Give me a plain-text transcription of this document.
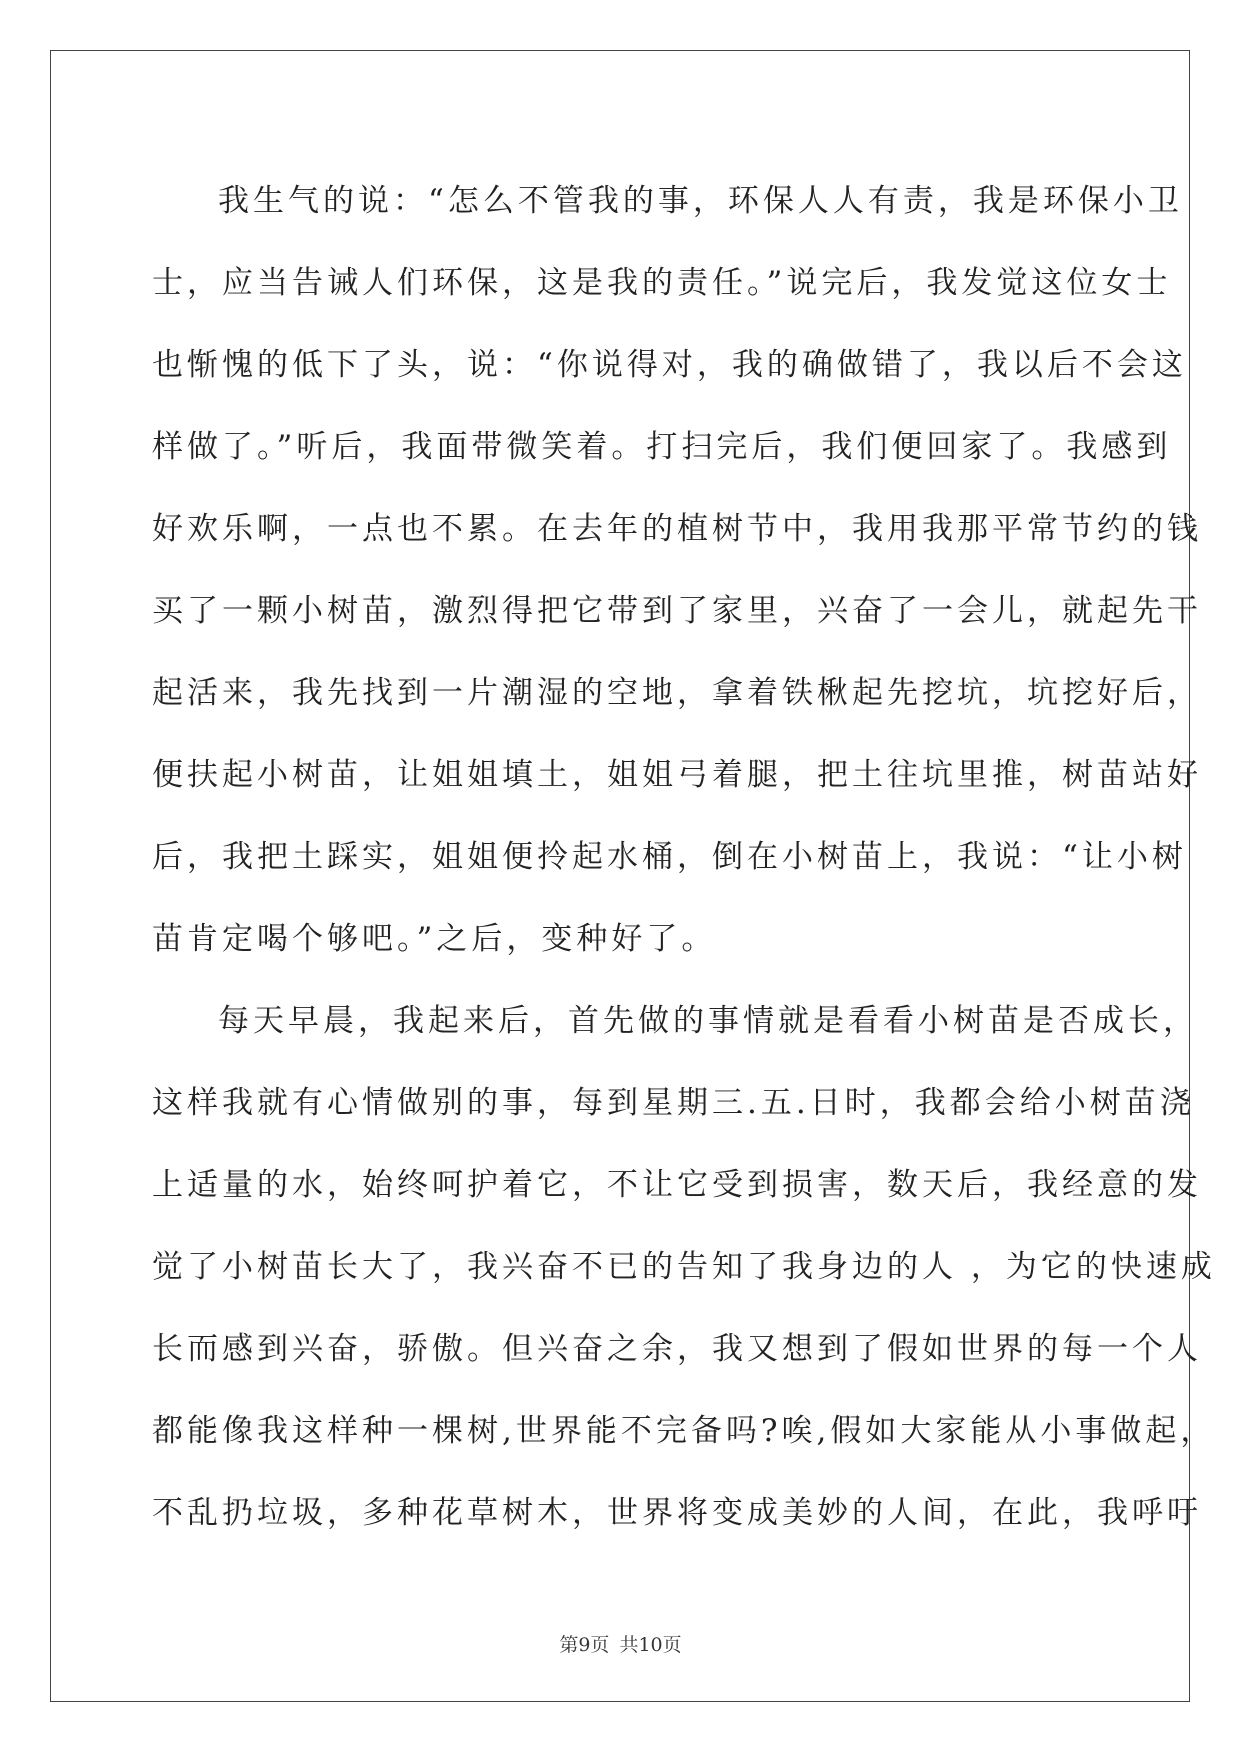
我生气的说：“怎么不管我的事，环保人人有责，我是环保小卫
士，应当告诫人们环保，这是我的责任。”说完后，我发觉这位女士
也惭愧的低下了头，说：“你说得对，我的确做错了，我以后不会这
样做了。”听后，我面带微笑着。打扫完后，我们便回家了。我感到
好欢乐啊，一点也不累。在去年的植树节中，我用我那平常节约的钱
买了一颗小树苗，激烈得把它带到了家里，兴奋了一会儿，就起先干
起活来，我先找到一片潮湿的空地，拿着铁楸起先挖坑，坑挖好后，
便扶起小树苗，让姐姐填土，姐姐弓着腿，把土往坑里推，树苗站好
后，我把土踩实，姐姐便拎起水桶，倒在小树苗上，我说：“让小树
苗肯定喝个够吧。”之后，变种好了。
每天早晨，我起来后，首先做的事情就是看看小树苗是否成长，
这样我就有心情做别的事，每到星期三.五.日时，我都会给小树苗浇
上适量的水，始终呵护着它，不让它受到损害，数天后，我经意的发
觉了小树苗长大了，我兴奋不已的告知了我身边的人 ，为它的快速成
长而感到兴奋，骄傲。但兴奋之余，我又想到了假如世界的每一个人
都能像我这样种一棵树,世界能不完备吗?唉,假如大家能从小事做起，
不乱扔垃圾，多种花草树木，世界将变成美妙的人间，在此，我呼吁
第9页 共10页
